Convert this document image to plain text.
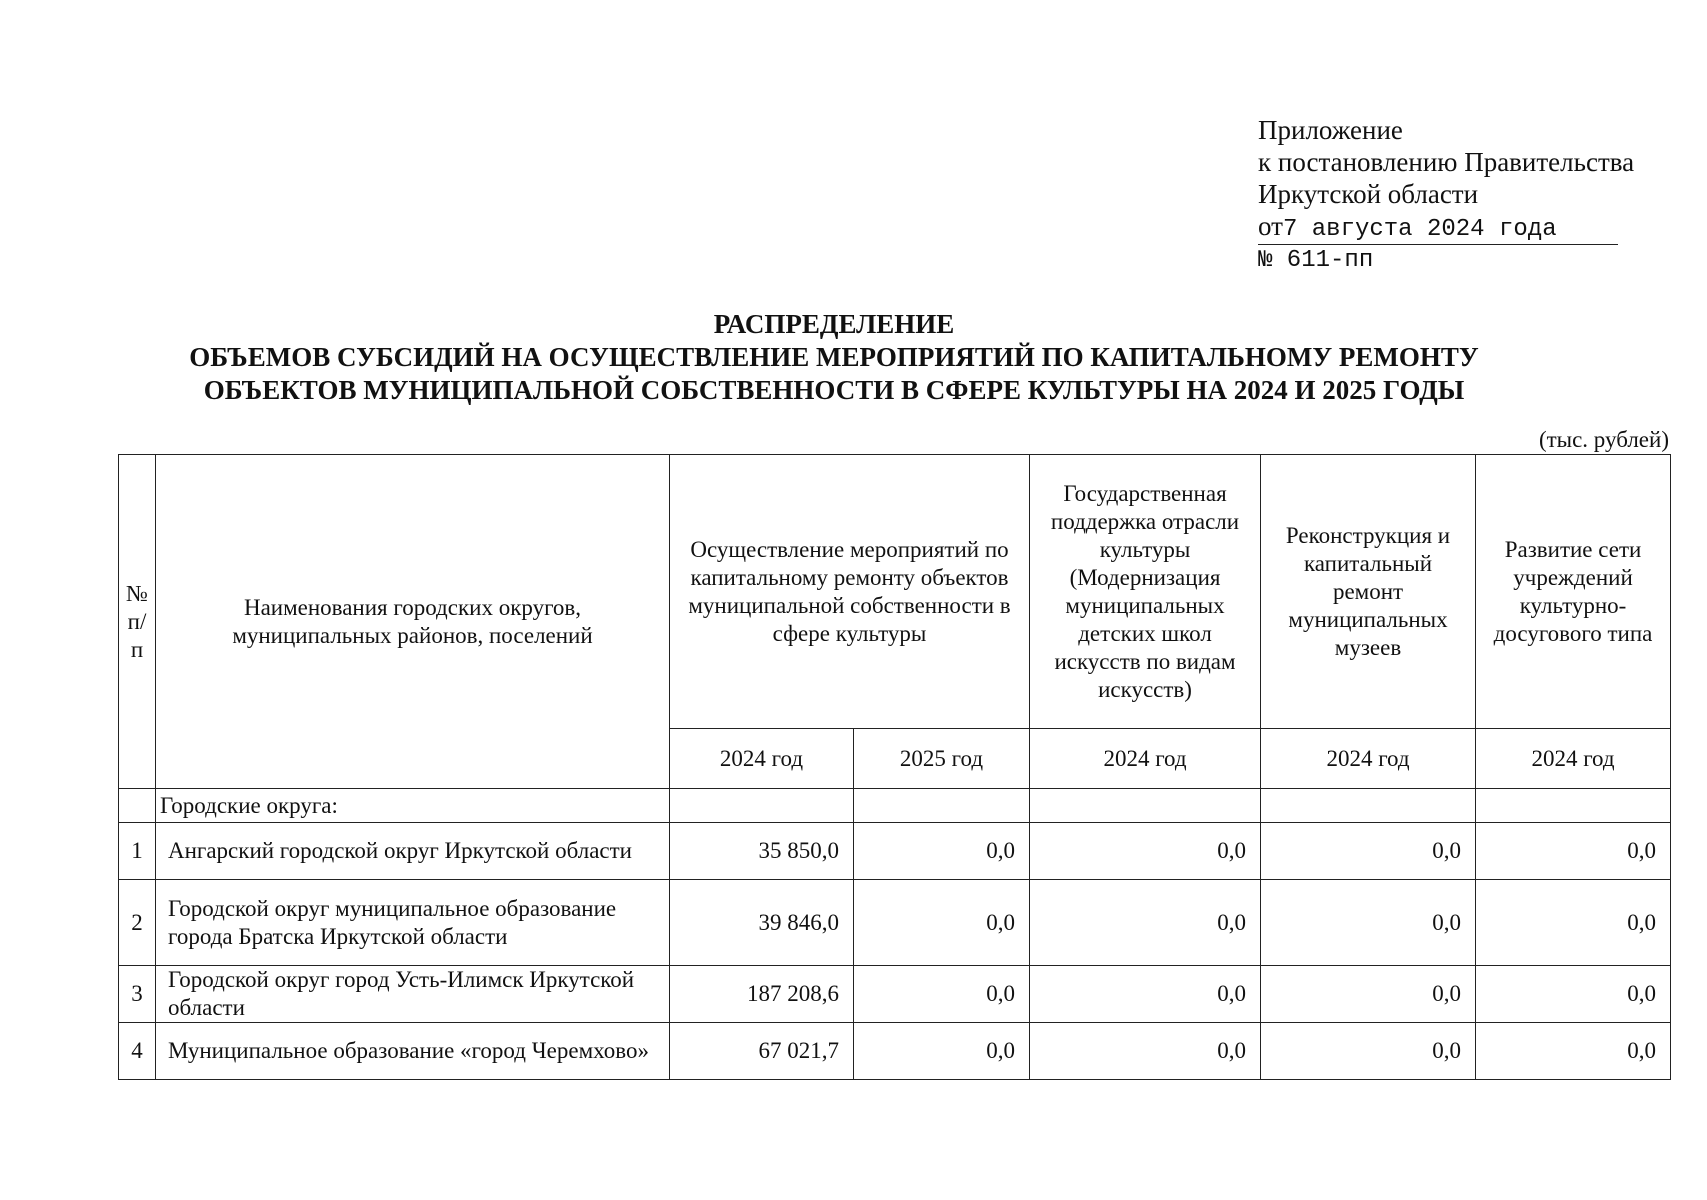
Приложение
к постановлению Правительства
Иркутской области
от7 августа 2024 года
№ 611-пп
РАСПРЕДЕЛЕНИЕ
ОБЪЕМОВ СУБСИДИЙ НА ОСУЩЕСТВЛЕНИЕ МЕРОПРИЯТИЙ ПО КАПИТАЛЬНОМУ РЕМОНТУ
ОБЪЕКТОВ МУНИЦИПАЛЬНОЙ СОБСТВЕННОСТИ В СФЕРЕ КУЛЬТУРЫ НА 2024 И 2025 ГОДЫ
(тыс. рублей)
№ п/п	Наименования городских округов, муниципальных районов, поселений	Осуществление мероприятий по капитальному ремонту объектов муниципальной собственности в сфере культуры		Государственная поддержка отрасли культуры (Модернизация муниципальных детских школ искусств по видам искусств)	Реконструкция и капитальный ремонт муниципальных музеев	Развитие сети учреждений культурно-досугового типа
		2024 год	2025 год	2024 год	2024 год	2024 год
	Городские округа:					
1	Ангарский городской округ Иркутской области	35 850,0	0,0	0,0	0,0	0,0
2	Городской округ муниципальное образование города Братска Иркутской области	39 846,0	0,0	0,0	0,0	0,0
3	Городской округ город Усть-Илимск Иркутской области	187 208,6	0,0	0,0	0,0	0,0
4	Муниципальное образование «город Черемхово»	67 021,7	0,0	0,0	0,0	0,0
